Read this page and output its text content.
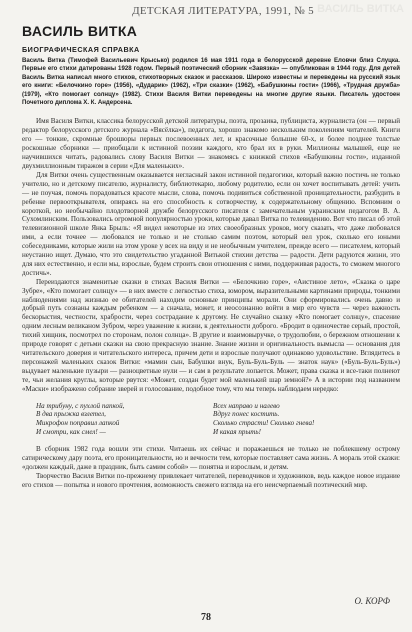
ВАСИЛЬ ВИТКА
ДЕТСКАЯ ЛИТЕРАТУРА, 1991, № 5
ВАСИЛЬ ВИТКА
БИОГРАФИЧЕСКАЯ СПРАВКА

Василь Витка (Тимофей Васильевич Крысько) родился 16 мая 1911 года в белорусской деревне Еловчи близ Слуцка. Первые его стихи датированы 1928 годом. Первый поэтический сборник «Завязка» — опубликован в 1944 году. Для детей Василь Витка написал много стихов, стихотворных сказок и рассказов. Широко известны и переведены на русский язык его книги: «Белочкино горе» (1956), «Дударик» (1962), «Три сказки» (1962), «Бабушкины гости» (1966), «Трудная дружба» (1979), «Кто помогает солнцу» (1982). Стихи Василя Витки переведены на многие другие языки. Писатель удостоен Почетного диплома Х. К. Андерсена.

Имя Василя Витки, классика белорусской детской литературы, поэта, прозаика, публициста, журналиста (он — первый редактор белорусского детского журнала «Вясёлка»), педагога, хорошо знакомо нескольким поколениям читателей. Книги его — тонкие, скромные брошюры первых послевоенных лет, и красочные большие 60-х, и более позднее толстые роскошные сборники — приобщали к истинной поэзии каждого, кто брал их в руки. Миллионы малышей, еще не научившихся читать, радовались слову Василя Витки — знакомясь с книжкой стихов «Бабушкины гости», изданной двухмиллионным тиражом в серии «Для маленьких».

Для Витки очень существенным оказывается негласный закон истинной педагогики, который важно постичь не только учителю, но и детскому писателю, журналисту, библиотекарю, любому родителю, если он хочет воспитывать детей: учить — не поучая, помочь порадоваться красоте мысли, слова, помочь подивиться собственной проницательности, разбудить в ребенке первооткрывателя, опираясь на его способность к сотворчеству, к содержательному общению. Вспомним о короткой, но необычайно плодотворной дружбе белорусского писателя с замечательным украинским педагогом В. А. Сухомлинским. Пользовались огромной популярностью уроки, которые давал Витка по телевидению. Вот что писал об этой телевизионной школе Янка Брыль: «Я видел некоторые из этих своеобразных уроков, могу сказать, что даже любовался ими, а если точнее — любовался не только и не столько самим поэтом, который вел урок, сколько его юными собеседниками, которые жили на этом уроке у всех на виду и не необычным учителем, прежде всего — писателем, который неустанно ищет. Думаю, что это свидетельство угаданной Витькой стихии детства — радости. Дети радуются жизни, это для них естественно, и если мы, взрослые, будем строить свои отношения с ними, поддерживая радость, то сможем многого достичь».

Переиздаются знаменитые сказки в стихах Василя Витки — «Белочкино горе», «Аистиное лето», «Сказка о царе Зубре», «Кто помогает солнцу» — в них вместе с легкостью стиха, юмором, выразительными картинами природы, тонкими наблюдениями над жизнью ее обитателей находим основные принципы морали. Они сформировались очень давно и добрый путь сознаны каждым ребенком — а сначала, может, и неосознанно войти в мир его чувств — через важность бескорыстия, честности, храбрости, через сострадание к другому. Не случайно сказку «Кто помогает солнцу», спасение одним лесным великаном Зубром, через уважение к жизни, к деятельности доброго. «Бродит в одиночестве серый, простой, тихий хищник, посмотрел по сторонам, полон солнца». В другие и взаимовыручке, о трудолюбии, о бережном отношении к природе говорят с детьми сказки на свою прекрасную знание. Знание жизни и оригинальность вымысла — основания для читательского доверия и читательского интереса, причем дети и взрослые получают одинаково удовольствие. Вглядитесь в персонажей маленьких сказок Витки: «мамин сын, Бабушки внук, Буль-Буль-Буль — знаток наук» («Буль-Буль-Буль») выдувает маленькие пузыри — разноцветные нули — и сам в результате лопается. Может, права сказка и все-таки полнеют те, чьи желания круглы, которые рвутся: «Может, создан будет мой маленький шар земной?» А в истории под названием «Маски» изображено собрание зверей и голосование, подобное тому, что мы теперь наблюдаем нередко:

На трибуну, с пухлой папкой,
В два прыжка взлетел,
Микрофон поправил лапкой
И смотри, как смел! —
Всех направо и налево
Вдруг понес костить.
Сколько страсти! Сколько гнева!
И какая прыть!

В сборник 1982 года вошли эти стихи. Читаешь их сейчас и поражаешься не только не поблекшему острому сатирическому дару поэта, его проницательности, но и вечности тем, которые поставляет сама жизнь. А мораль этой сказки: «должен каждый, даже в праздник, быть самим собой» — понятна и взрослым, и детям.

Творчество Василя Витки по-прежнему привлекает читателей, переводчиков и художников, ведь каждое новое издание его стихов — попытка и нового прочтения, возможность свежего взгляда на его неисчерпаемый поэтический мир.

О. КОРФ
78
